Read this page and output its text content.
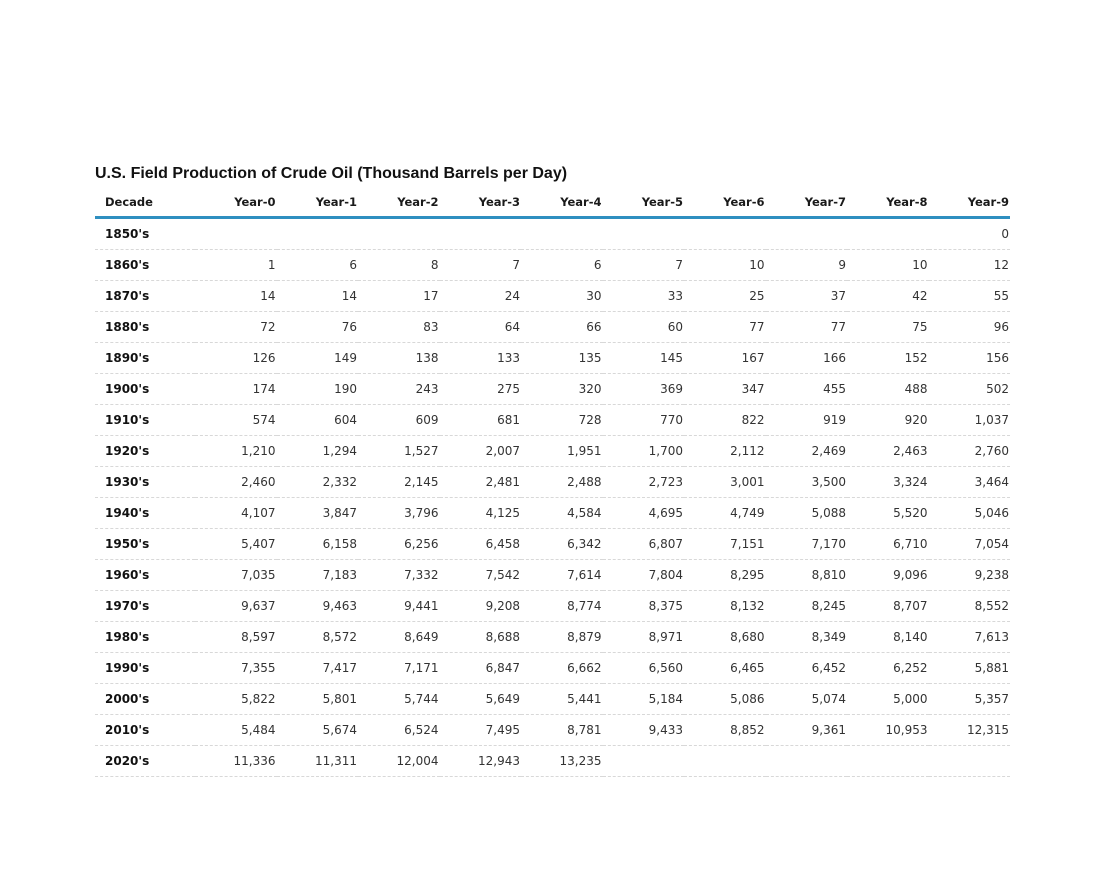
U.S. Field Production of Crude Oil (Thousand Barrels per Day)
Decade	Year-0	Year-1	Year-2	Year-3	Year-4	Year-5	Year-6	Year-7	Year-8	Year-9
1850's										0
1860's	1	6	8	7	6	7	10	9	10	12
1870's	14	14	17	24	30	33	25	37	42	55
1880's	72	76	83	64	66	60	77	77	75	96
1890's	126	149	138	133	135	145	167	166	152	156
1900's	174	190	243	275	320	369	347	455	488	502
1910's	574	604	609	681	728	770	822	919	920	1,037
1920's	1,210	1,294	1,527	2,007	1,951	1,700	2,112	2,469	2,463	2,760
1930's	2,460	2,332	2,145	2,481	2,488	2,723	3,001	3,500	3,324	3,464
1940's	4,107	3,847	3,796	4,125	4,584	4,695	4,749	5,088	5,520	5,046
1950's	5,407	6,158	6,256	6,458	6,342	6,807	7,151	7,170	6,710	7,054
1960's	7,035	7,183	7,332	7,542	7,614	7,804	8,295	8,810	9,096	9,238
1970's	9,637	9,463	9,441	9,208	8,774	8,375	8,132	8,245	8,707	8,552
1980's	8,597	8,572	8,649	8,688	8,879	8,971	8,680	8,349	8,140	7,613
1990's	7,355	7,417	7,171	6,847	6,662	6,560	6,465	6,452	6,252	5,881
2000's	5,822	5,801	5,744	5,649	5,441	5,184	5,086	5,074	5,000	5,357
2010's	5,484	5,674	6,524	7,495	8,781	9,433	8,852	9,361	10,953	12,315
2020's	11,336	11,311	12,004	12,943	13,235					
